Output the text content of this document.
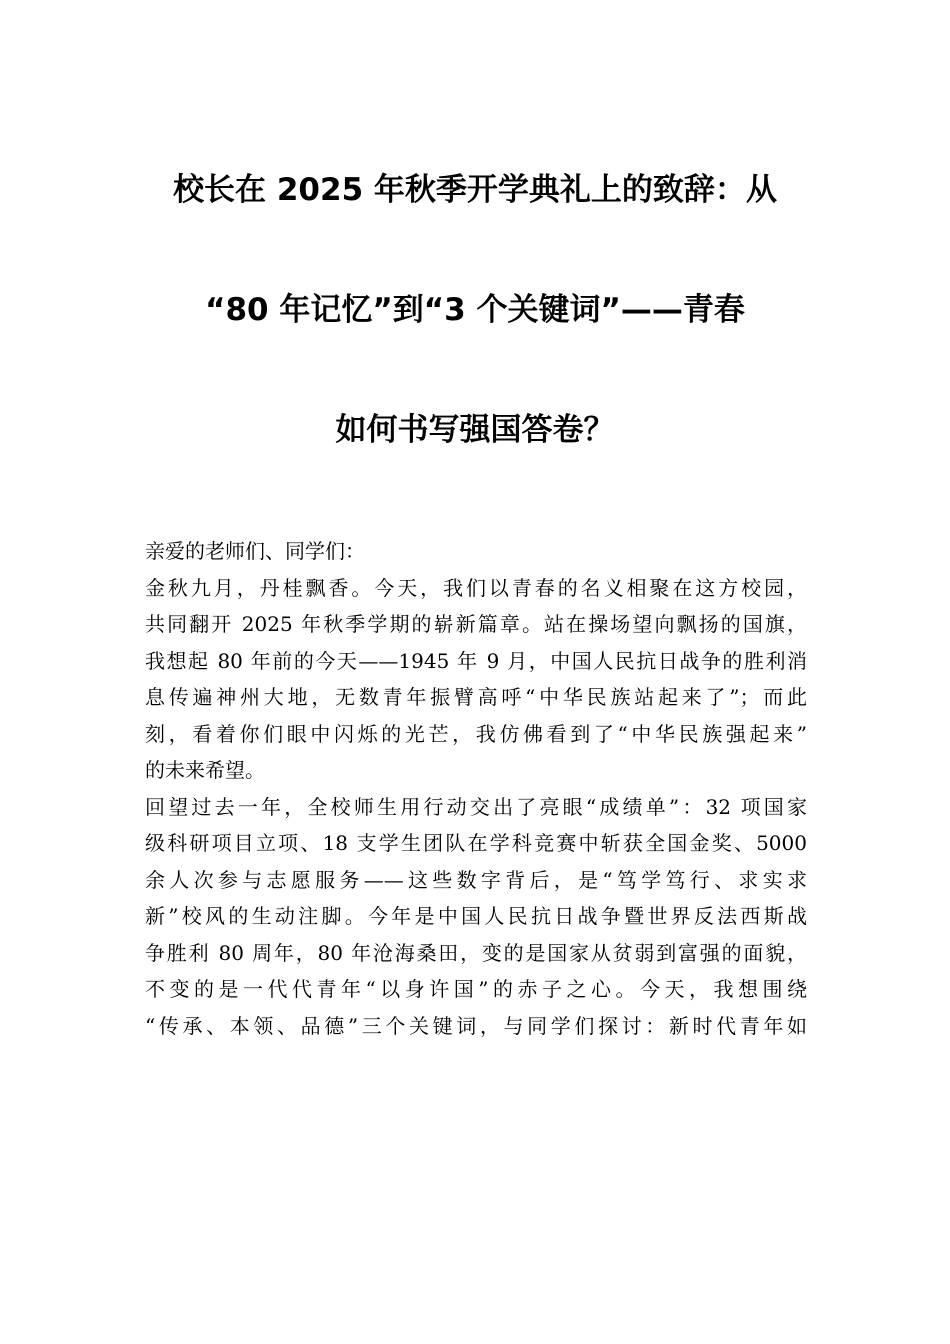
校长在 2025 年秋季开学典礼上的致辞：从
“80 年记忆”到“3 个关键词”——青春
如何书写强国答卷？
亲爱的老师们、同学们：
金秋九月，丹桂飘香。今天，我们以青春的名义相聚在这方校园，
共同翻开 2025 年秋季学期的崭新篇章。站在操场望向飘扬的国旗，
我想起 80 年前的今天——1945 年 9 月，中国人民抗日战争的胜利消
息传遍神州大地，无数青年振臂高呼“中华民族站起来了”；而此
刻，看着你们眼中闪烁的光芒，我仿佛看到了“中华民族强起来”
的未来希望。
回望过去一年，全校师生用行动交出了亮眼“成绩单”：32 项国家
级科研项目立项、18 支学生团队在学科竞赛中斩获全国金奖、5000
余人次参与志愿服务——这些数字背后，是“笃学笃行、求实求
新”校风的生动注脚。今年是中国人民抗日战争暨世界反法西斯战
争胜利 80 周年，80 年沧海桑田，变的是国家从贫弱到富强的面貌，
不变的是一代代青年“以身许国”的赤子之心。今天，我想围绕
“传承、本领、品德”三个关键词，与同学们探讨：新时代青年如
